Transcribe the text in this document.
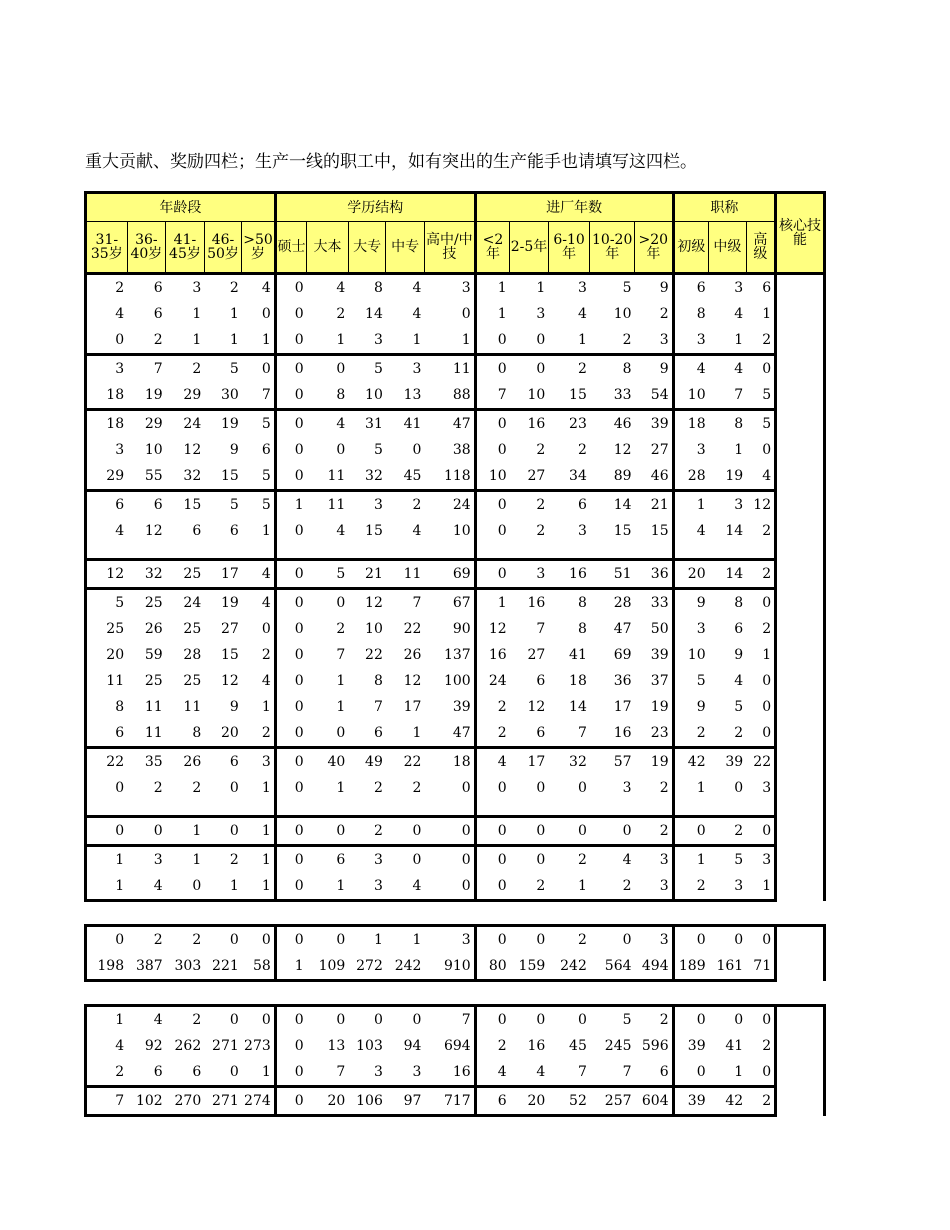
重大贡献、奖励四栏；生产一线的职工中，如有突出的生产能手也请填写这四栏。
年龄段					学历结构					进厂年数					职称			核心技能
31-35岁	36-40岁	41-45岁	46-50岁	>50岁	硕士	大本	大专	中专	高中/中技	<2年	2-5年	6-10年	10-20年	>20年	初级	中级	高级	
2	6	3	2	4	0	4	8	4	3	1	1	3	5	9	6	3	6	
4	6	1	1	0	0	2	14	4	0	1	3	4	10	2	8	4	1	
0	2	1	1	1	0	1	3	1	1	0	0	1	2	3	3	1	2	
3	7	2	5	0	0	0	5	3	11	0	0	2	8	9	4	4	0	
18	19	29	30	7	0	8	10	13	88	7	10	15	33	54	10	7	5	
18	29	24	19	5	0	4	31	41	47	0	16	23	46	39	18	8	5	
3	10	12	9	6	0	0	5	0	38	0	2	2	12	27	3	1	0	
29	55	32	15	5	0	11	32	45	118	10	27	34	89	46	28	19	4	
6	6	15	5	5	1	11	3	2	24	0	2	6	14	21	1	3	12	
4	12	6	6	1	0	4	15	4	10	0	2	3	15	15	4	14	2	

12	32	25	17	4	0	5	21	11	69	0	3	16	51	36	20	14	2	
5	25	24	19	4	0	0	12	7	67	1	16	8	28	33	9	8	0	
25	26	25	27	0	0	2	10	22	90	12	7	8	47	50	3	6	2	
20	59	28	15	2	0	7	22	26	137	16	27	41	69	39	10	9	1	
11	25	25	12	4	0	1	8	12	100	24	6	18	36	37	5	4	0	
8	11	11	9	1	0	1	7	17	39	2	12	14	17	19	9	5	0	
6	11	8	20	2	0	0	6	1	47	2	6	7	16	23	2	2	0	
22	35	26	6	3	0	40	49	22	18	4	17	32	57	19	42	39	22	
0	2	2	0	1	0	1	2	2	0	0	0	0	3	2	1	0	3	

0	0	1	0	1	0	0	2	0	0	0	0	0	0	2	0	2	0	
1	3	1	2	1	0	6	3	0	0	0	0	2	4	3	1	5	3	
1	4	0	1	1	0	1	3	4	0	0	2	1	2	3	2	3	1	

0	2	2	0	0	0	0	1	1	3	0	0	2	0	3	0	0	0	
198	387	303	221	58	1	109	272	242	910	80	159	242	564	494	189	161	71	

1	4	2	0	0	0	0	0	0	7	0	0	0	5	2	0	0	0	
4	92	262	271	273	0	13	103	94	694	2	16	45	245	596	39	41	2	
2	6	6	0	1	0	7	3	3	16	4	4	7	7	6	0	1	0	
7	102	270	271	274	0	20	106	97	717	6	20	52	257	604	39	42	2	
